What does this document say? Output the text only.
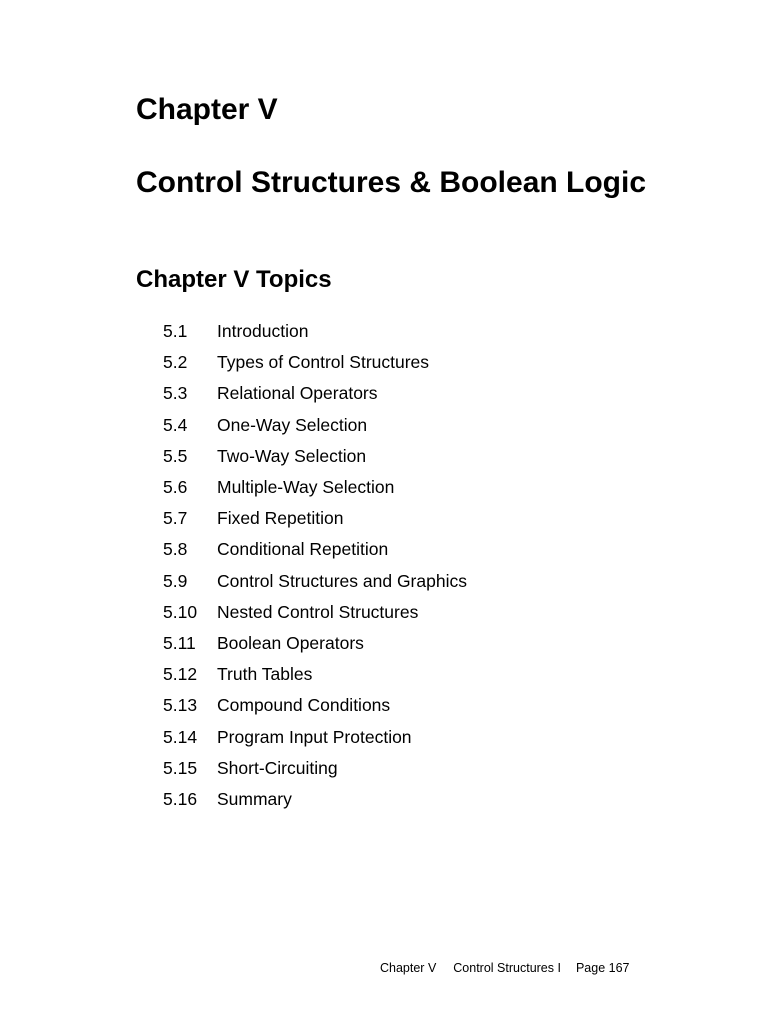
Chapter V
Control Structures & Boolean Logic
Chapter V Topics
5.1	Introduction
5.2	Types of Control Structures
5.3	Relational Operators
5.4	One-Way Selection
5.5	Two-Way Selection
5.6	Multiple-Way Selection
5.7	Fixed Repetition
5.8	Conditional Repetition
5.9	Control Structures and Graphics
5.10	Nested Control Structures
5.11	Boolean Operators
5.12	Truth Tables
5.13	Compound Conditions
5.14	Program Input Protection
5.15	Short-Circuiting
5.16	Summary
Chapter V Control Structures I Page 167
